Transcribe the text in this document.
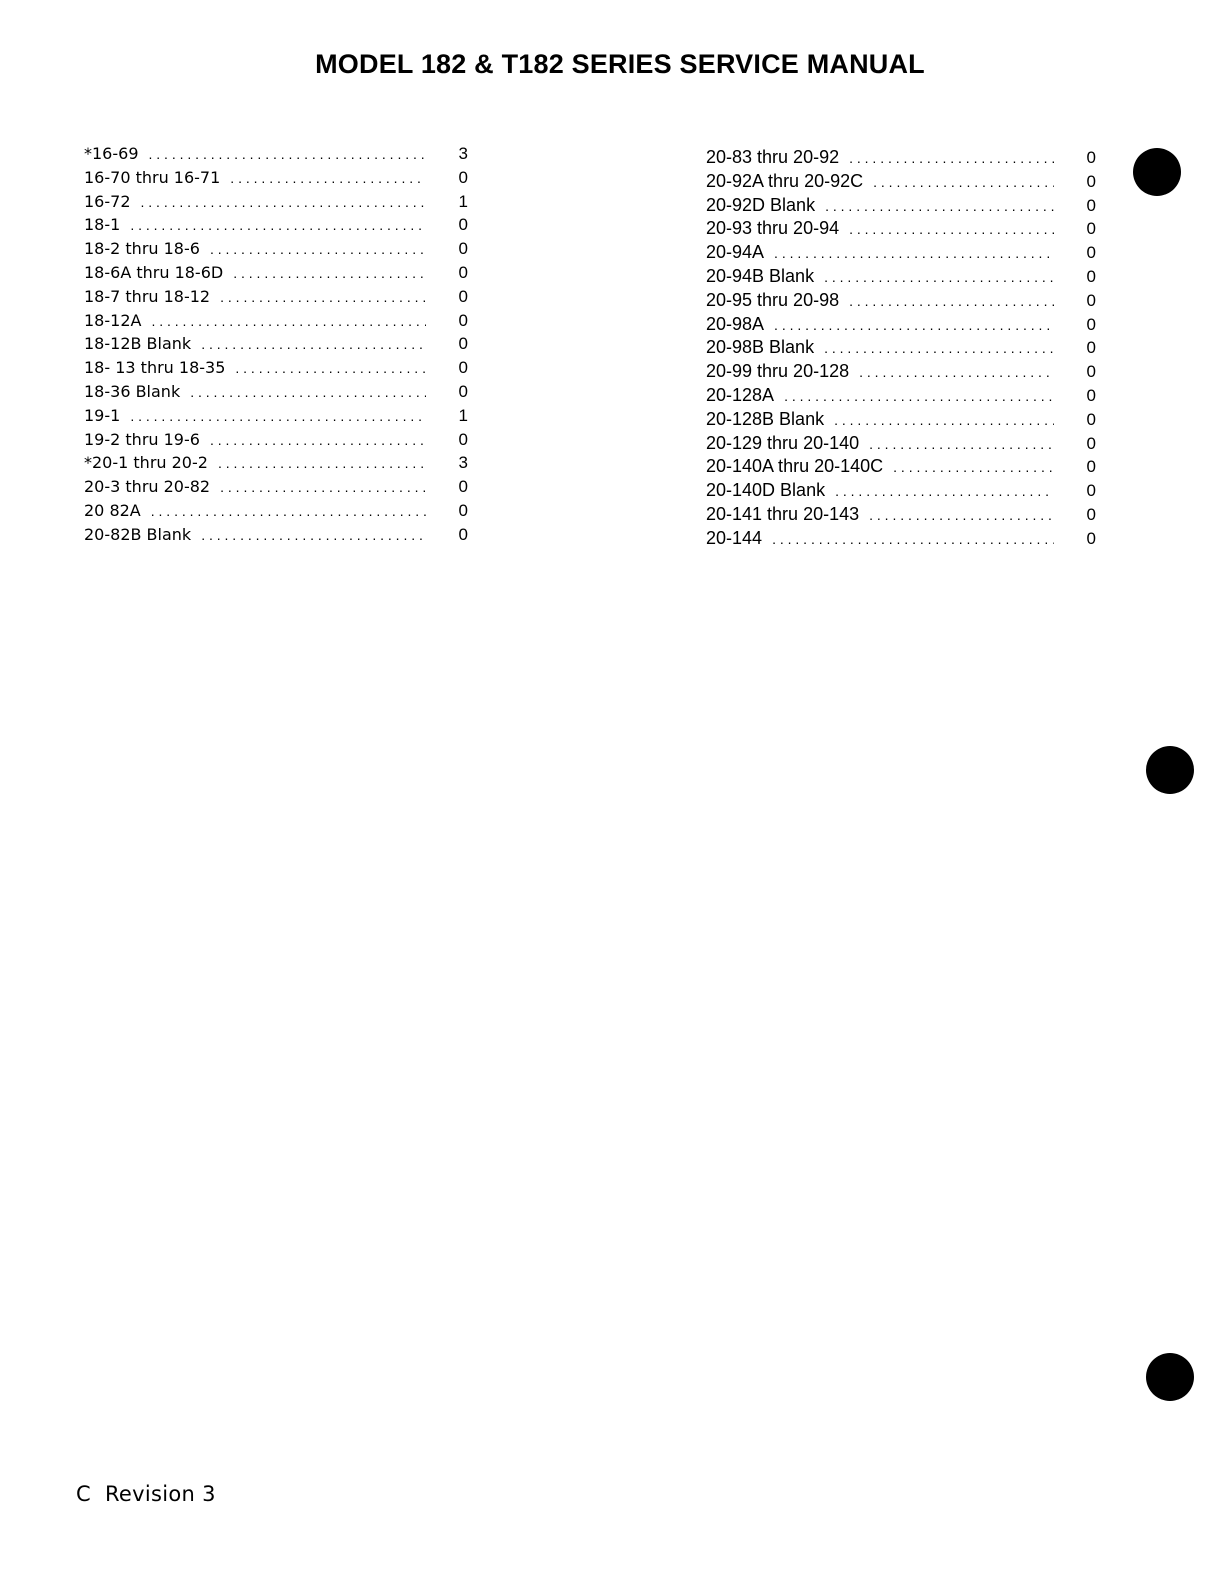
MODEL 182 & T182 SERIES SERVICE MANUAL
*16-69 . . .	3
16-70 thru 16-71 . . .	0
16-72 . . .	1
18-1 . . .	0
18-2 thru 18-6 . . .	0
18-6A thru 18-6D . . .	0
18-7 thru 18-12 . . .	0
18-12A . . .	0
18-12B Blank . . .	0
18- 13 thru 18-35 . . .	0
18-36 Blank . . .	0
19-1 . . .	1
19-2 thru 19-6 . . .	0
*20-1 thru 20-2 . . .	3
20-3 thru 20-82 . . .	0
20 82A . . .	0
20-82B Blank . . .	0
20-83 thru 20-92 . . .	0
20-92A thru 20-92C . . .	0
20-92D Blank . . .	0
20-93 thru 20-94 . . .	0
20-94A . . .	0
20-94B Blank . . .	0
20-95 thru 20-98 . . .	0
20-98A . . .	0
20-98B Blank . . .	0
20-99 thru 20-128 . . .	0
20-128A . . .	0
20-128B Blank . . .	0
20-129 thru 20-140 . . .	0
20-140A thru 20-140C . . .	0
20-140D Blank . . .	0
20-141 thru 20-143 . . .	0
20-144 . . .	0
C Revision 3
